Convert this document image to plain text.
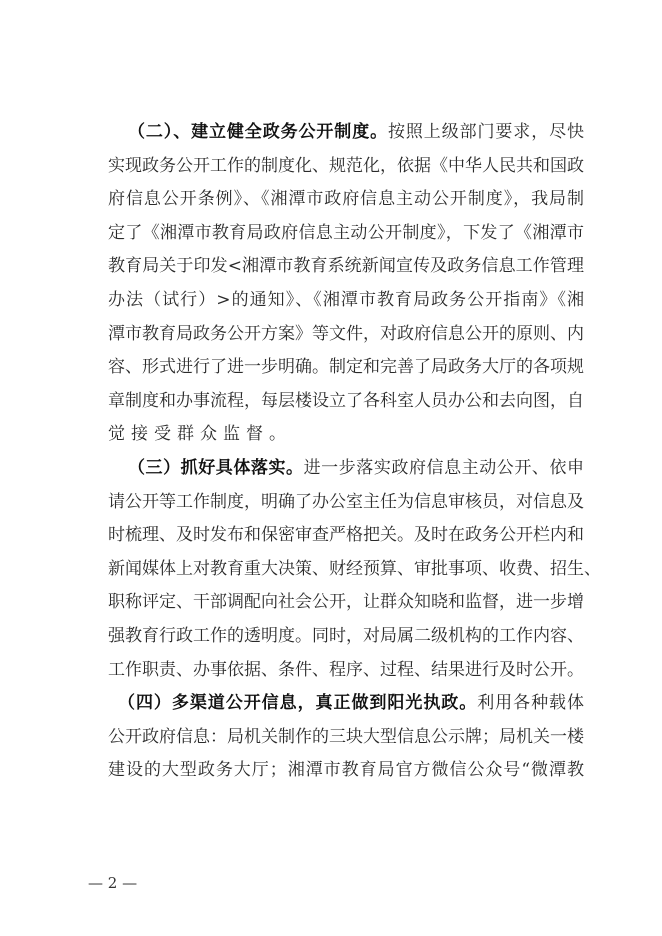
（二）、建立健全政务公开制度。按照上级部门要求，尽快
实现政务公开工作的制度化、规范化，依据《中华人民共和国政
府信息公开条例》、《湘潭市政府信息主动公开制度》，我局制
定了《湘潭市教育局政府信息主动公开制度》，下发了《湘潭市
教育局关于印发<湘潭市教育系统新闻宣传及政务信息工作管理
办法（试行）>的通知》、《湘潭市教育局政务公开指南》《湘
潭市教育局政务公开方案》等文件，对政府信息公开的原则、内
容、形式进行了进一步明确。制定和完善了局政务大厅的各项规
章制度和办事流程，每层楼设立了各科室人员办公和去向图，自
觉接受群众监督。
（三）抓好具体落实。进一步落实政府信息主动公开、依申
请公开等工作制度，明确了办公室主任为信息审核员，对信息及
时梳理、及时发布和保密审查严格把关。及时在政务公开栏内和
新闻媒体上对教育重大决策、财经预算、审批事项、收费、招生、
职称评定、干部调配向社会公开，让群众知晓和监督，进一步增
强教育行政工作的透明度。同时，对局属二级机构的工作内容、
工作职责、办事依据、条件、程序、过程、结果进行及时公开。
（四）多渠道公开信息，真正做到阳光执政。利用各种载体
公开政府信息：局机关制作的三块大型信息公示牌；局机关一楼
建设的大型政务大厅；湘潭市教育局官方微信公众号“微潭教
— 2 —
